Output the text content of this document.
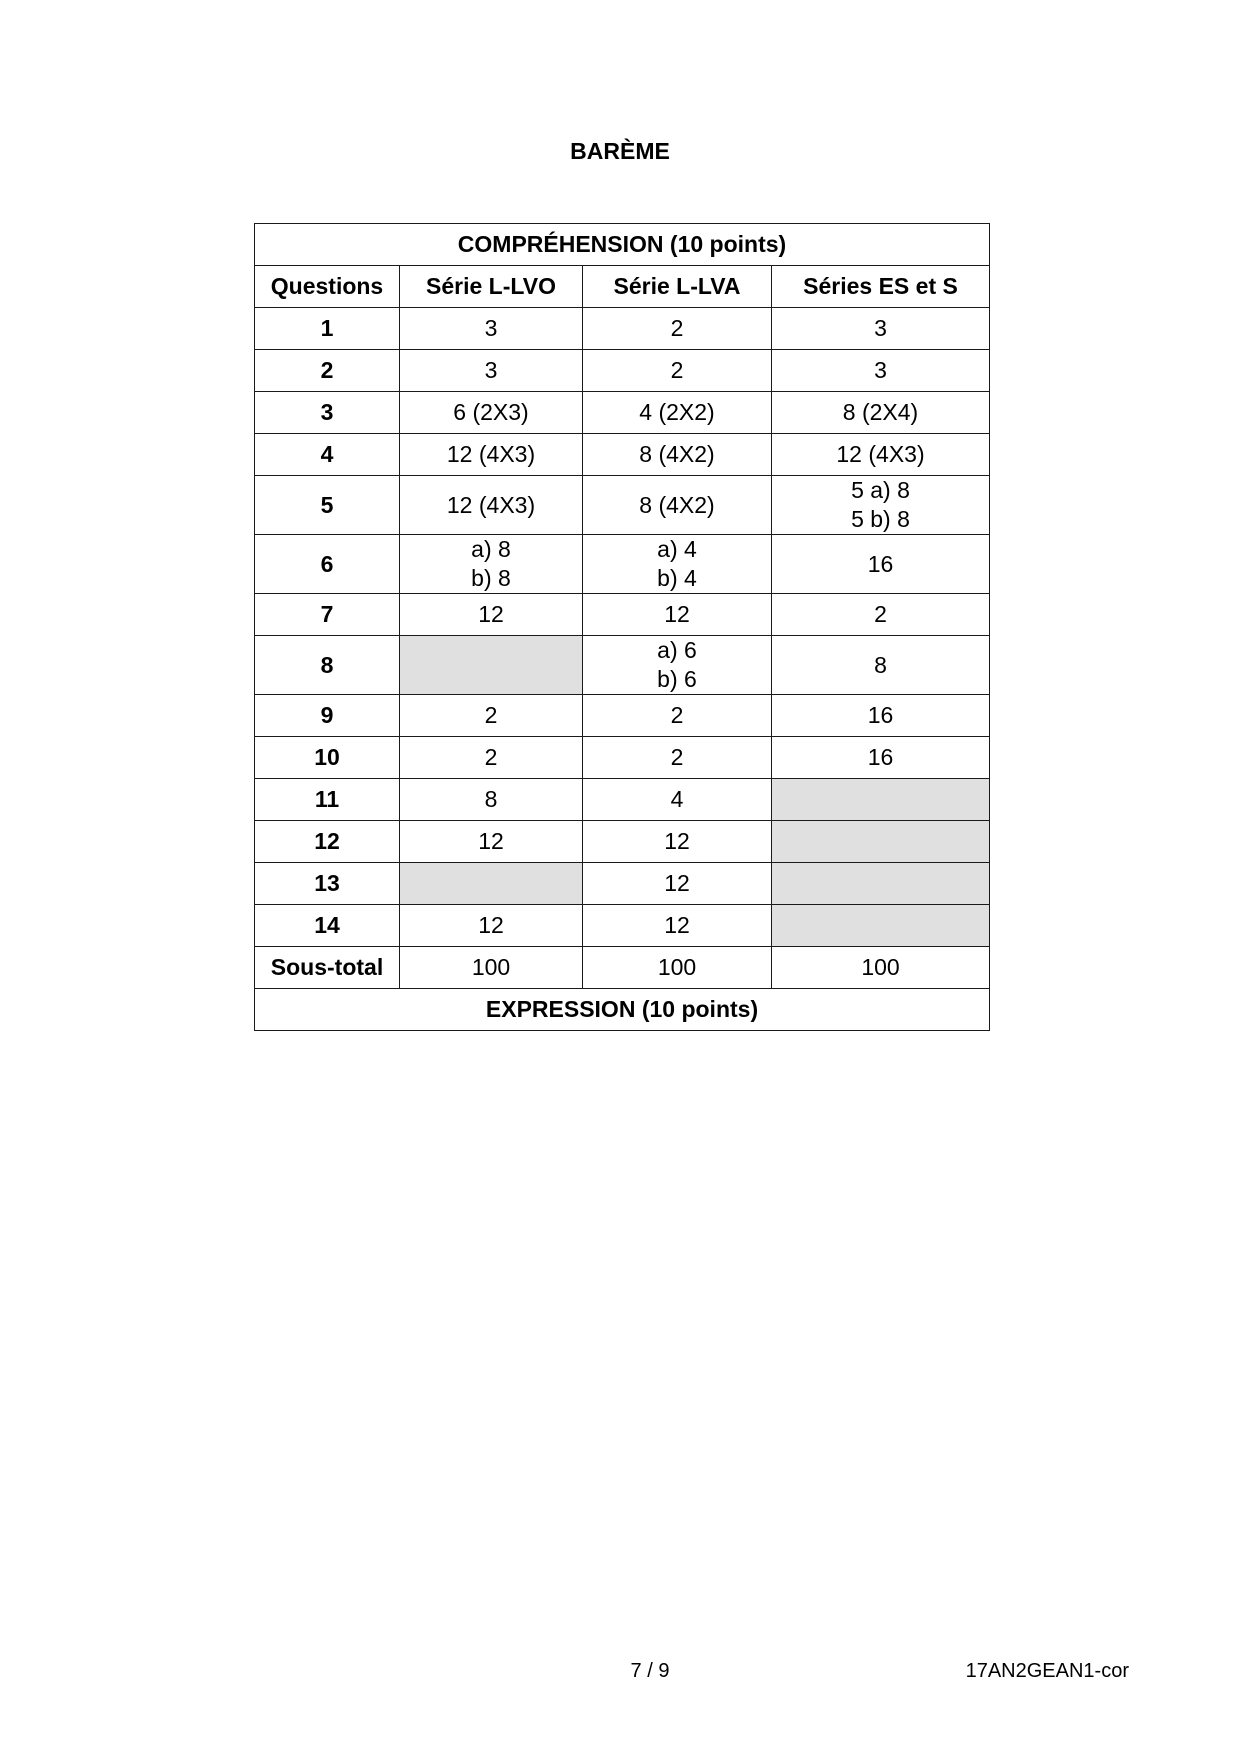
BARÈME
COMPRÉHENSION (10 points)			
Questions	Série L-LVO	Série L-LVA	Séries ES et S
1	3	2	3
2	3	2	3
3	6 (2X3)	4 (2X2)	8 (2X4)
4	12 (4X3)	8 (4X2)	12 (4X3)
5	12 (4X3)	8 (4X2)	5 a) 8
5 b) 8

6	a) 8
b) 8	a) 4
b) 4	16
7	12	12	2
8		a) 6
b) 6	8
9	2	2	16
10	2	2	16
11	8	4	
12	12	12	
13		12	
14	12	12	
Sous-total	100	100	100
EXPRESSION (10 points)			
7 / 9	17AN2GEAN1-cor
